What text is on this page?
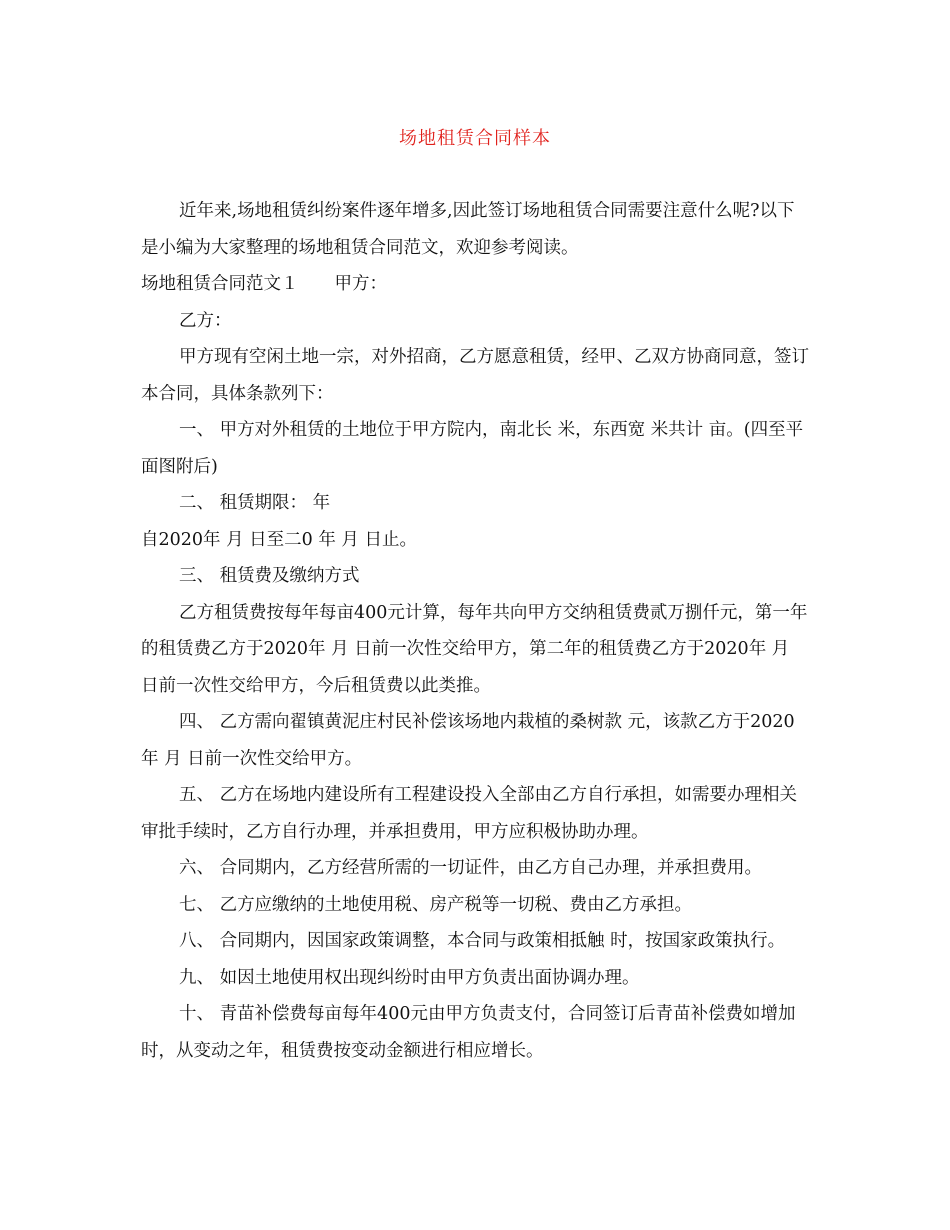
场地租赁合同样本

近年来,场地租赁纠纷案件逐年增多,因此签订场地租赁合同需要注意什么呢?以下是小编为大家整理的场地租赁合同范文，欢迎参考阅读。

场地租赁合同范文１ 甲方：

乙方：

甲方现有空闲土地一宗，对外招商，乙方愿意租赁，经甲、乙双方协商同意，签订本合同，具体条款列下：

一、 甲方对外租赁的土地位于甲方院内，南北长 米，东西宽 米共计 亩。(四至平面图附后)

二、 租赁期限： 年

自2020年 月 日至二0 年 月 日止。

三、 租赁费及缴纳方式

乙方租赁费按每年每亩400元计算，每年共向甲方交纳租赁费贰万捌仟元，第一年的租赁费乙方于2020年 月 日前一次性交给甲方，第二年的租赁费乙方于2020年 月 日前一次性交给甲方，今后租赁费以此类推。

四、 乙方需向翟镇黄泥庄村民补偿该场地内栽植的桑树款 元，该款乙方于2020年 月 日前一次性交给甲方。

五、 乙方在场地内建设所有工程建设投入全部由乙方自行承担，如需要办理相关审批手续时，乙方自行办理，并承担费用，甲方应积极协助办理。

六、 合同期内，乙方经营所需的一切证件，由乙方自己办理，并承担费用。

七、 乙方应缴纳的土地使用税、房产税等一切税、费由乙方承担。

八、 合同期内，因国家政策调整，本合同与政策相抵触 时，按国家政策执行。

九、 如因土地使用权出现纠纷时由甲方负责出面协调办理。

十、 青苗补偿费每亩每年400元由甲方负责支付，合同签订后青苗补偿费如增加时，从变动之年，租赁费按变动金额进行相应增长。
